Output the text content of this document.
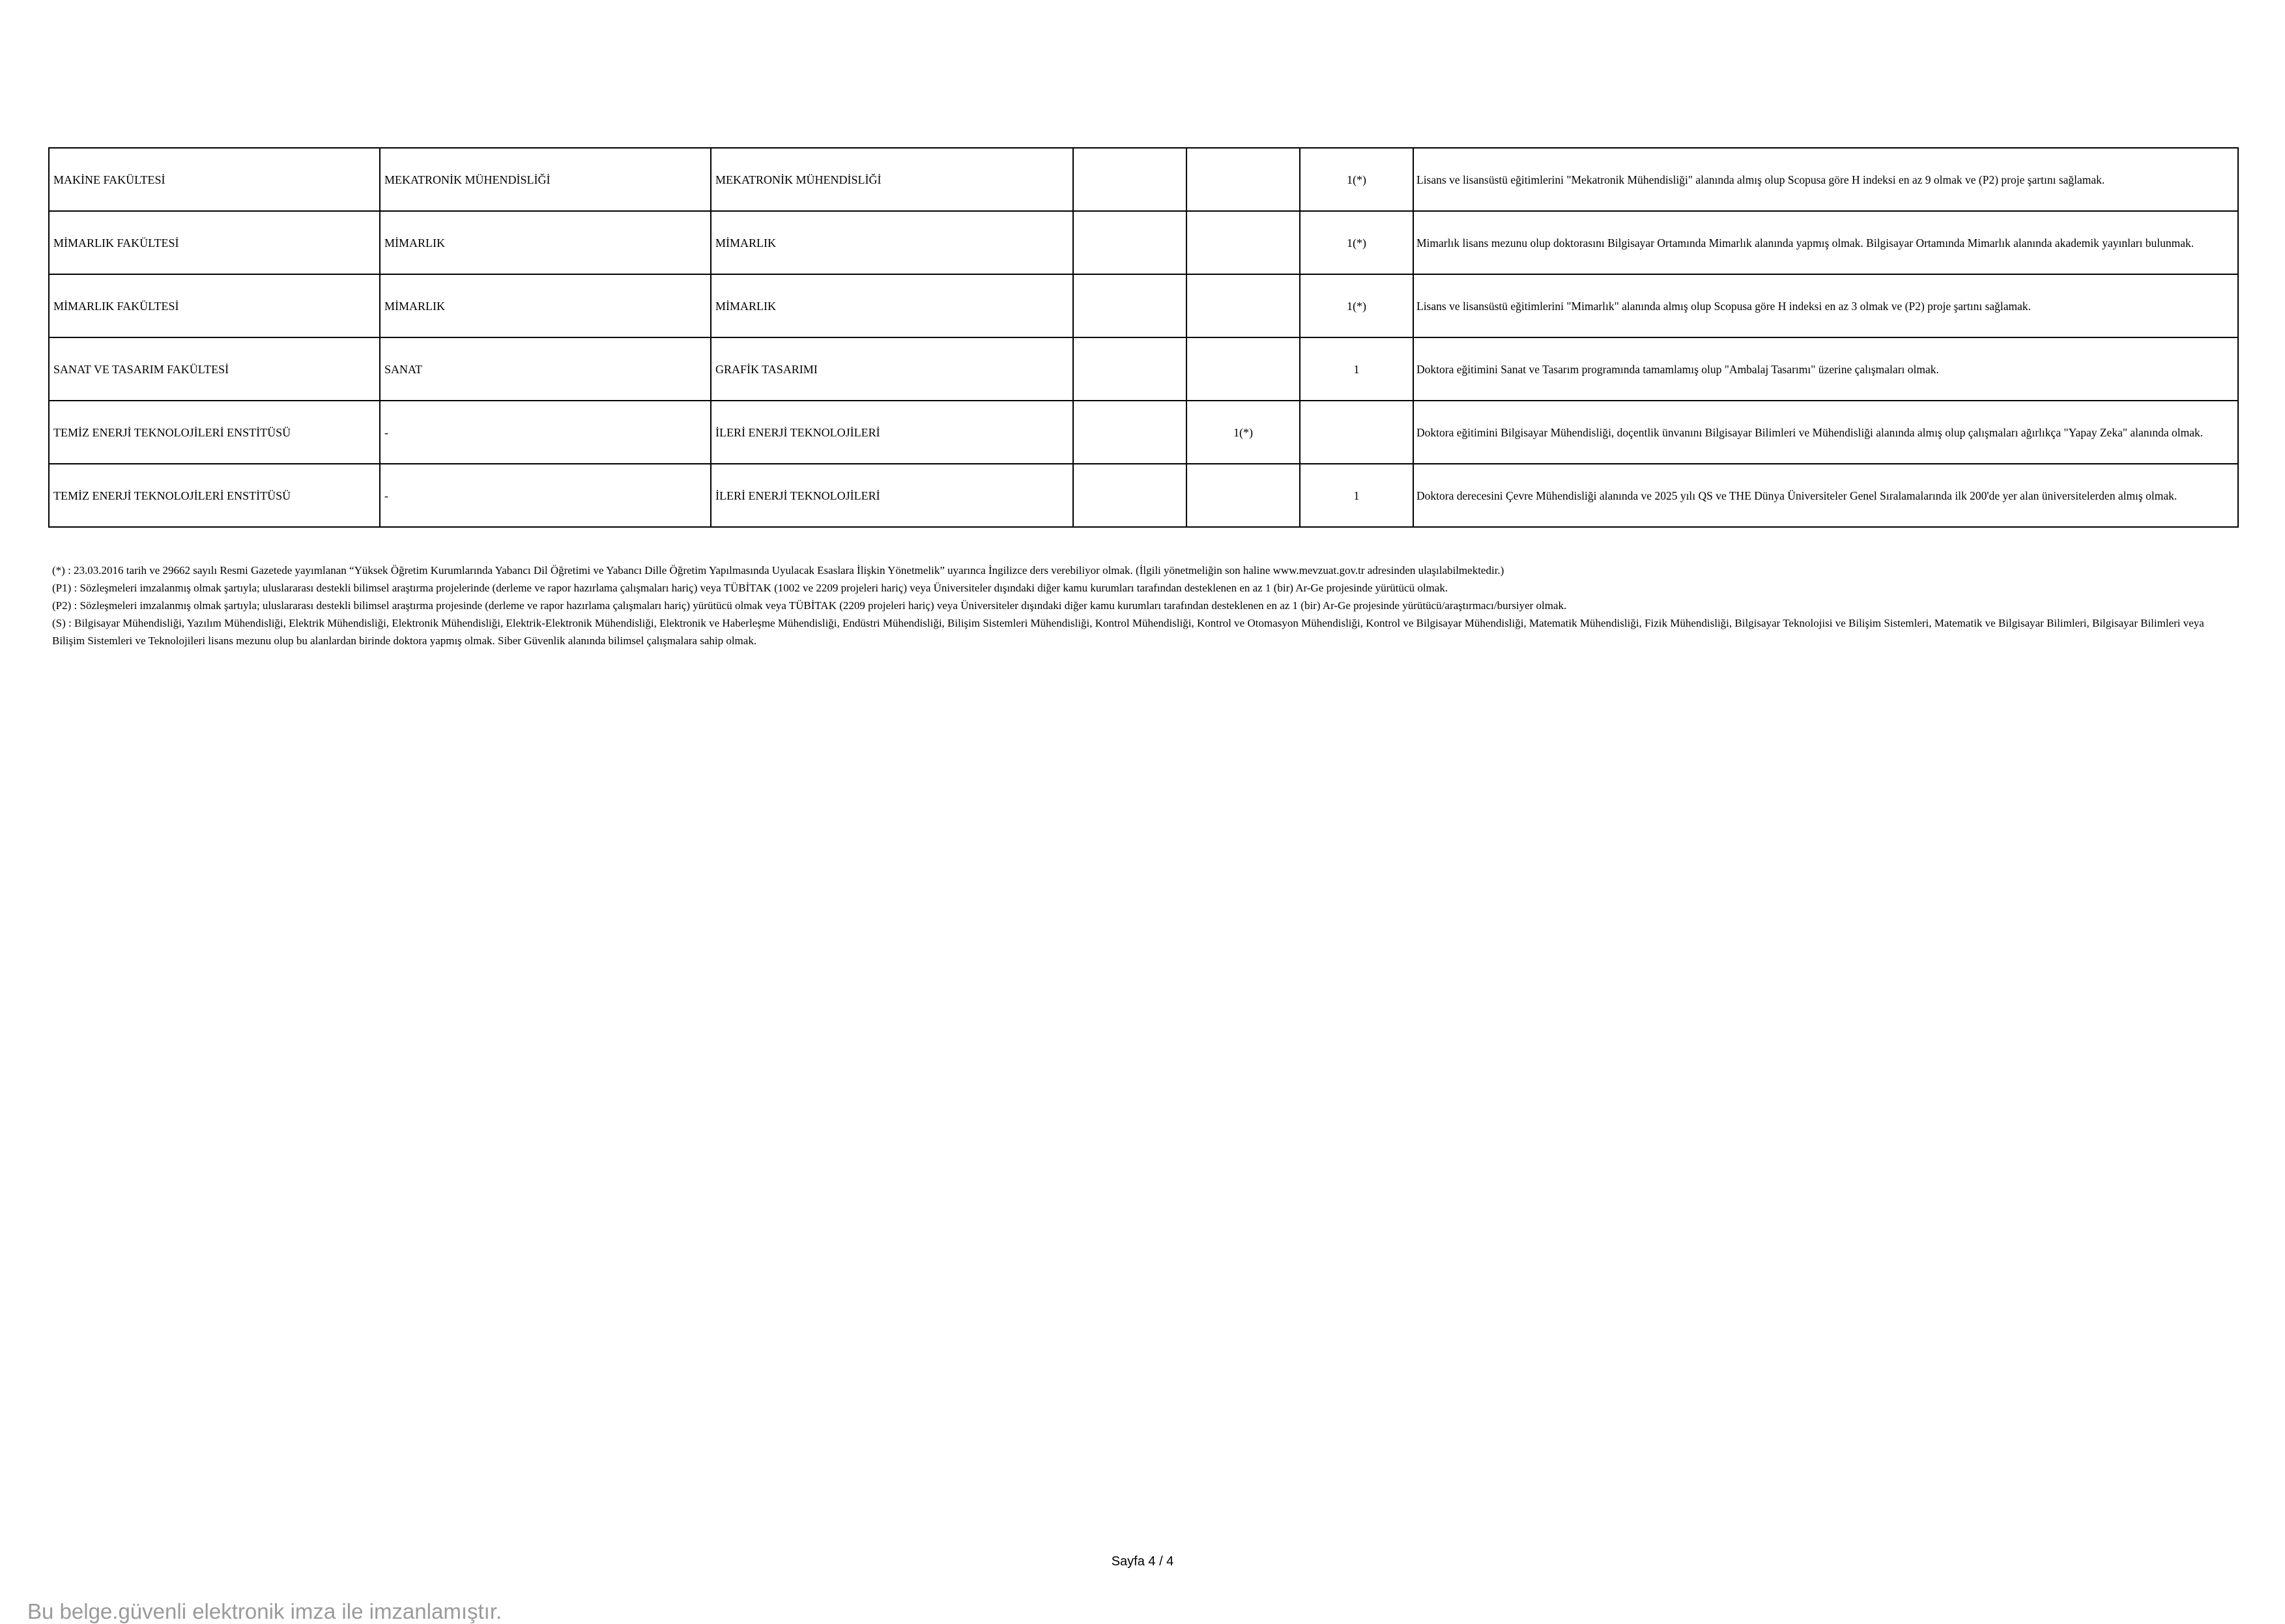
MAKİNE FAKÜLTESİ	MEKATRONİK MÜHENDİSLİĞİ	MEKATRONİK MÜHENDİSLİĞİ			1(*)	Lisans ve lisansüstü eğitimlerini "Mekatronik Mühendisliği" alanında almış olup Scopusa göre H indeksi en az 9 olmak ve (P2) proje şartını sağlamak.
MİMARLIK FAKÜLTESİ	MİMARLIK	MİMARLIK			1(*)	Mimarlık lisans mezunu olup doktorasını Bilgisayar Ortamında Mimarlık alanında yapmış olmak. Bilgisayar Ortamında Mimarlık alanında akademik yayınları bulunmak.
MİMARLIK FAKÜLTESİ	MİMARLIK	MİMARLIK			1(*)	Lisans ve lisansüstü eğitimlerini "Mimarlık" alanında almış olup Scopusa göre H indeksi en az 3 olmak ve (P2) proje şartını sağlamak.
SANAT VE TASARIM FAKÜLTESİ	SANAT	GRAFİK TASARIMI			1	Doktora eğitimini Sanat ve Tasarım programında tamamlamış olup "Ambalaj Tasarımı" üzerine çalışmaları olmak.
TEMİZ ENERJİ TEKNOLOJİLERİ ENSTİTÜSÜ	-	İLERİ ENERJİ TEKNOLOJİLERİ		1(*)		Doktora eğitimini Bilgisayar Mühendisliği, doçentlik ünvanını Bilgisayar Bilimleri ve Mühendisliği alanında almış olup çalışmaları ağırlıkça "Yapay Zeka" alanında olmak.
TEMİZ ENERJİ TEKNOLOJİLERİ ENSTİTÜSÜ	-	İLERİ ENERJİ TEKNOLOJİLERİ			1	Doktora derecesini Çevre Mühendisliği alanında ve 2025 yılı QS ve THE Dünya Üniversiteler Genel Sıralamalarında ilk 200'de yer alan üniversitelerden almış olmak.

(*) : 23.03.2016 tarih ve 29662 sayılı Resmi Gazetede yayımlanan “Yüksek Öğretim Kurumlarında Yabancı Dil Öğretimi ve Yabancı Dille Öğretim Yapılmasında Uyulacak Esaslara İlişkin Yönetmelik” uyarınca İngilizce ders verebiliyor olmak. (İlgili yönetmeliğin son haline www.mevzuat.gov.tr adresinden ulaşılabilmektedir.)

(P1) : Sözleşmeleri imzalanmış olmak şartıyla; uluslararası destekli bilimsel araştırma projelerinde (derleme ve rapor hazırlama çalışmaları hariç) veya TÜBİTAK (1002 ve 2209 projeleri hariç) veya Üniversiteler dışındaki diğer kamu kurumları tarafından desteklenen en az 1 (bir) Ar-Ge projesinde yürütücü olmak.

(P2) : Sözleşmeleri imzalanmış olmak şartıyla; uluslararası destekli bilimsel araştırma projesinde (derleme ve rapor hazırlama çalışmaları hariç) yürütücü olmak veya TÜBİTAK (2209 projeleri hariç) veya Üniversiteler dışındaki diğer kamu kurumları tarafından desteklenen en az 1 (bir) Ar-Ge projesinde yürütücü/araştırmacı/bursiyer olmak.

(S) : Bilgisayar Mühendisliği, Yazılım Mühendisliği, Elektrik Mühendisliği, Elektronik Mühendisliği, Elektrik-Elektronik Mühendisliği, Elektronik ve Haberleşme Mühendisliği, Endüstri Mühendisliği, Bilişim Sistemleri Mühendisliği, Kontrol Mühendisliği, Kontrol ve Otomasyon Mühendisliği, Kontrol ve Bilgisayar Mühendisliği, Matematik Mühendisliği, Fizik Mühendisliği, Bilgisayar Teknolojisi ve Bilişim Sistemleri, Matematik ve Bilgisayar Bilimleri, Bilgisayar Bilimleri veya Bilişim Sistemleri ve Teknolojileri lisans mezunu olup bu alanlardan birinde doktora yapmış olmak. Siber Güvenlik alanında bilimsel çalışmalara sahip olmak.

Sayfa 4 / 4
Bu belge.güvenli elektronik imza ile imzanlamıştır.
